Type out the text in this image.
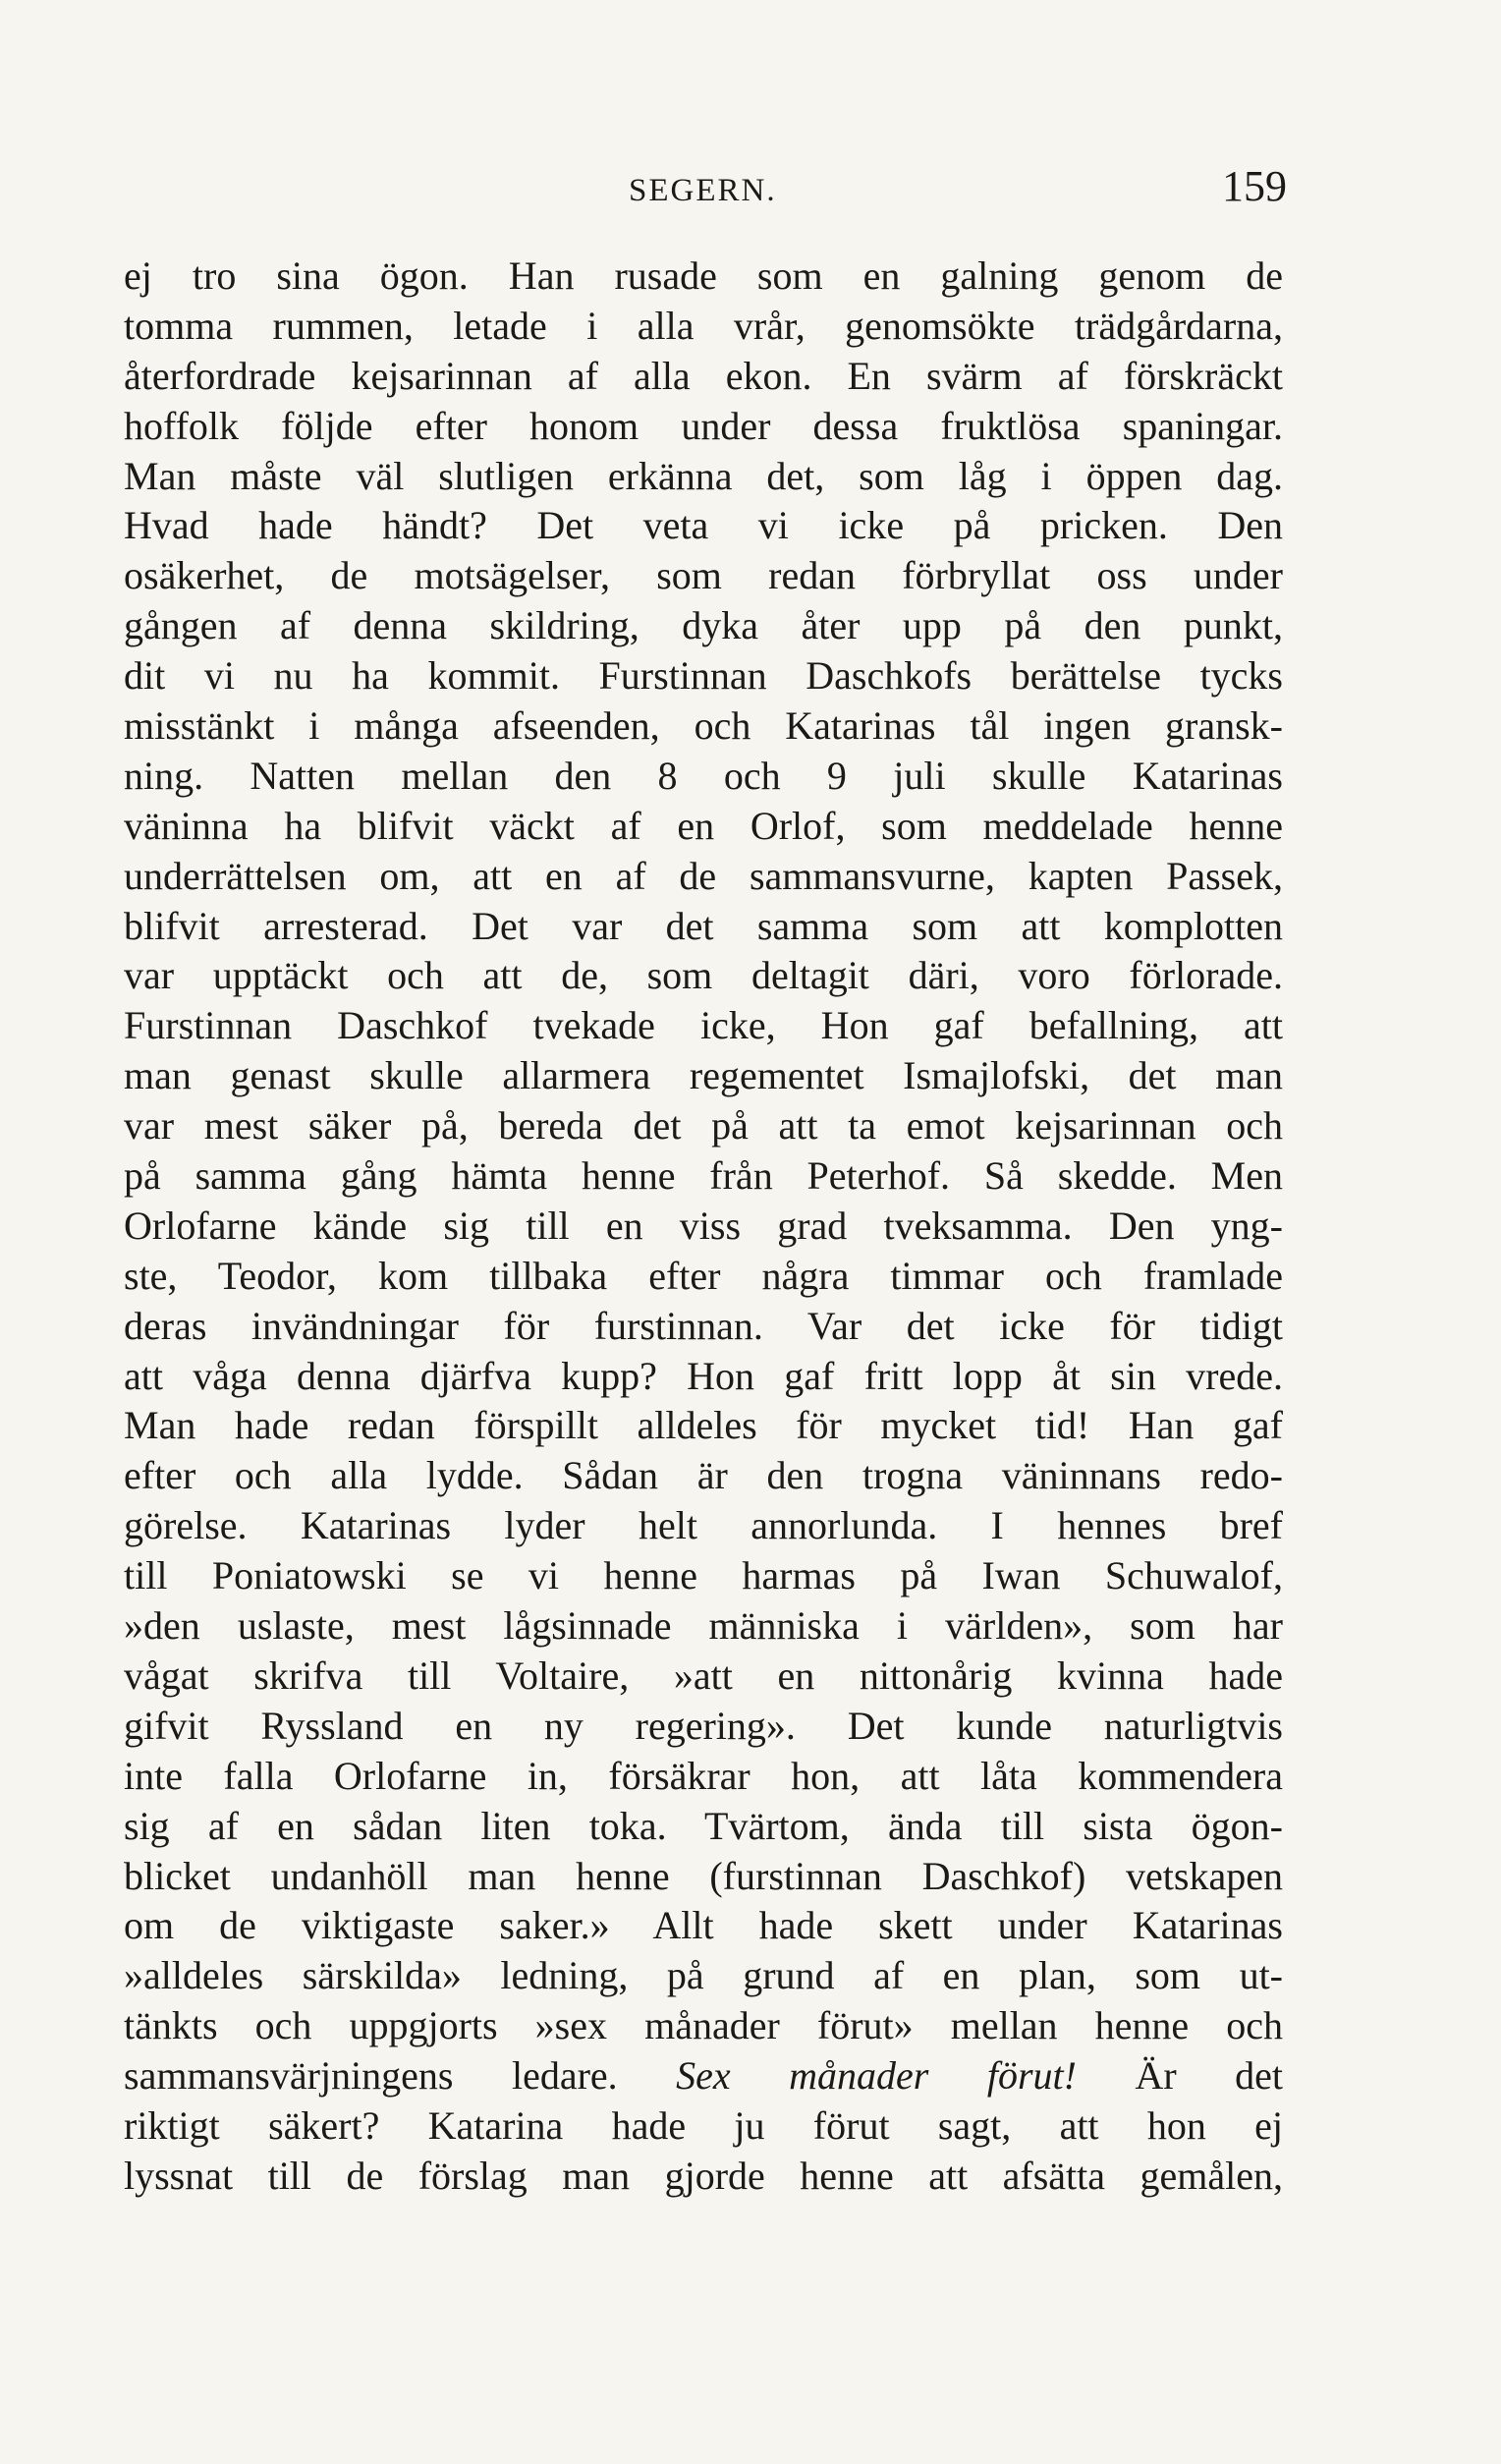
SEGERN.	159
ej tro sina ögon. Han rusade som en galning genom de
tomma rummen, letade i alla vrår, genomsökte trädgårdarna,
återfordrade kejsarinnan af alla ekon. En svärm af förskräckt
hoffolk följde efter honom under dessa fruktlösa spaningar.
Man måste väl slutligen erkänna det, som låg i öppen dag.
Hvad hade händt? Det veta vi icke på pricken. Den
osäkerhet, de motsägelser, som redan förbryllat oss under
gången af denna skildring, dyka åter upp på den punkt,
dit vi nu ha kommit. Furstinnan Daschkofs berättelse tycks
misstänkt i många afseenden, och Katarinas tål ingen gransk-
ning. Natten mellan den 8 och 9 juli skulle Katarinas
väninna ha blifvit väckt af en Orlof, som meddelade henne
underrättelsen om, att en af de sammansvurne, kapten Passek,
blifvit arresterad. Det var det samma som att komplotten
var upptäckt och att de, som deltagit däri, voro förlorade.
Furstinnan Daschkof tvekade icke, Hon gaf befallning, att
man genast skulle allarmera regementet Ismajlofski, det man
var mest säker på, bereda det på att ta emot kejsarinnan och
på samma gång hämta henne från Peterhof. Så skedde. Men
Orlofarne kände sig till en viss grad tveksamma. Den yng-
ste, Teodor, kom tillbaka efter några timmar och framlade
deras invändningar för furstinnan. Var det icke för tidigt
att våga denna djärfva kupp? Hon gaf fritt lopp åt sin vrede.
Man hade redan förspillt alldeles för mycket tid! Han gaf
efter och alla lydde. Sådan är den trogna väninnans redo-
görelse. Katarinas lyder helt annorlunda. I hennes bref
till Poniatowski se vi henne harmas på Iwan Schuwalof,
»den uslaste, mest lågsinnade människa i världen», som har
vågat skrifva till Voltaire, »att en nittonårig kvinna hade
gifvit Ryssland en ny regering». Det kunde naturligtvis
inte falla Orlofarne in, försäkrar hon, att låta kommendera
sig af en sådan liten toka. Tvärtom, ända till sista ögon-
blicket undanhöll man henne (furstinnan Daschkof) vetskapen
om de viktigaste saker.» Allt hade skett under Katarinas
»alldeles särskilda» ledning, på grund af en plan, som ut-
tänkts och uppgjorts »sex månader förut» mellan henne och
sammansvärjningens ledare. Sex månader förut! Är det
riktigt säkert? Katarina hade ju förut sagt, att hon ej
lyssnat till de förslag man gjorde henne att afsätta gemålen,
